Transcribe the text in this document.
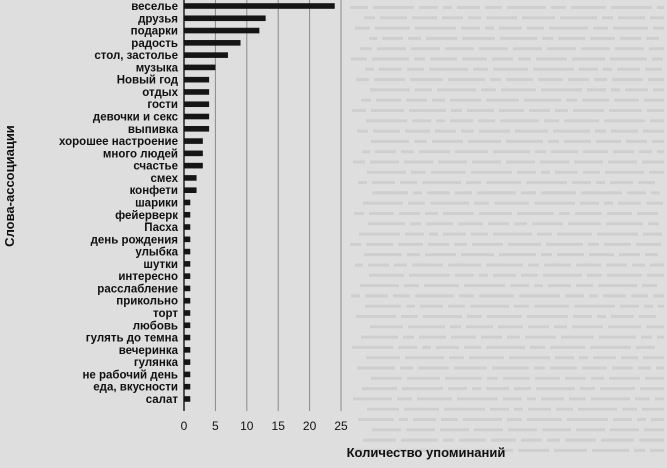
веселье
друзья
подарки
радость
стол, застолье
музыка
Новый год
отдых
гости
девочки и секс
выпивка
хорошее настроение
много людей
счастье
смех
конфети
шарики
фейерверк
Пасха
день рождения
улыбка
шутки
интересно
расслабление
прикольно
торт
любовь
гулять до темна
вечеринка
гулянка
не рабочий день
еда, вкусности
салат
0 5 10 15 20 25
Количество упоминаний
Слова-ассоциации
